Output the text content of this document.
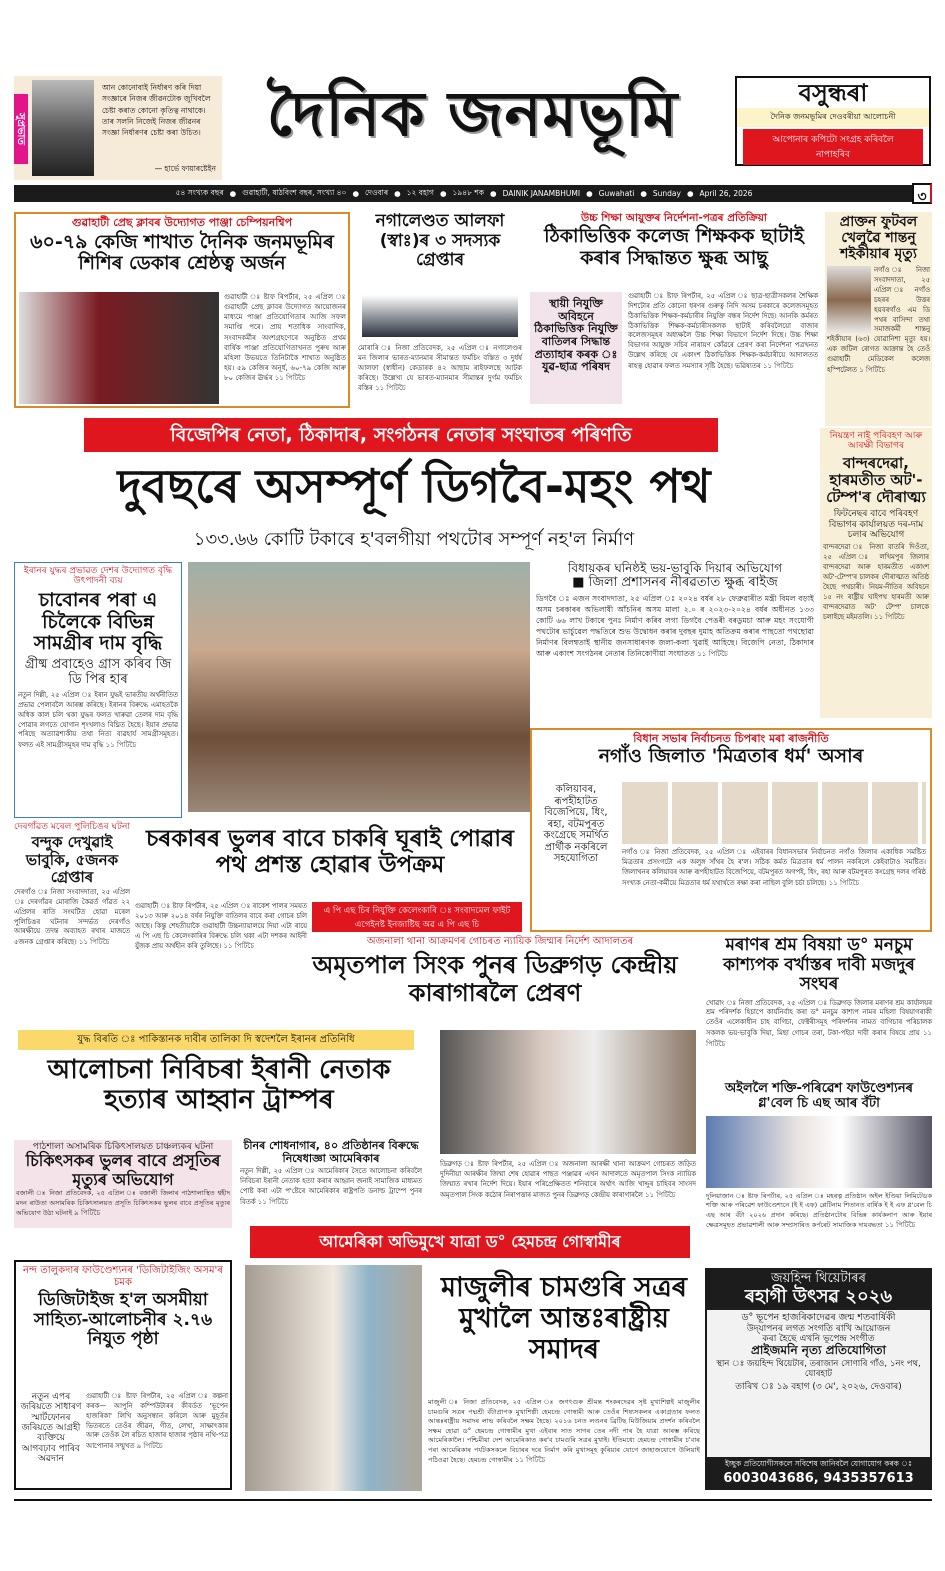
সুপ্ৰভাত
আন কোনোবাই নিৰ্ধাৰণ কৰি দিয়া সংজ্ঞাৰে নিজৰ জীৱনটোক জুখিবলৈ চেষ্টা কৰাত কোনো কৃতিত্ব নাথাকে। তাৰ সলনি নিজেই নিজৰ জীৱনৰ সংজ্ঞা নিৰ্ধাৰণৰ চেষ্টা কৰা উচিত।
— হাৰ্ভে ফায়াৰষ্টেইন
দৈনিক জনমভূমি	বসুন্ধৰা
দৈনিক জনমভূমিৰ দেওবৰীয়া আলোচনী
আপোনাৰ কপিটো সংগ্ৰহ কৰিবলৈ নাপাহৰিব
৫৪ সংখ্যক বছৰ ● গুৱাহাটী, ষাঠবিংশ বছৰ, সংখ্যা ৪০ ● দেওবাৰ ● ১২ বহাগ ● ১৯৪৮ শক ● DAINIK JANAMBHUMI ● Guwahati ● Sunday ● April 26, 2026	৩
গুৱাহাটী প্ৰেছ ক্লাবৰ উদ্যোগত পাঞ্জা চেম্পিয়নশ্বিপ
৬০-৭৯ কেজি শাখাত দৈনিক জনমভূমিৰ শিশিৰ ডেকাৰ শ্ৰেষ্ঠত্ব অৰ্জন
গুৱাহাটী ঃ ষ্টাফ ৰিপৰ্টাৰ, ২৫ এপ্ৰিল ঃ গুৱাহাটী প্ৰেছ ক্লাবৰ উদ্যোগত আয়োজনৰ মাধ্যমে পাঞ্জা প্ৰতিযোগিতাৰ আজি সফল সমাপ্তি পৰে। প্ৰায় শতাধিক সাংবাদিক, সংবাদকৰ্মীৰ অংশগ্ৰহণেৰে অনুষ্ঠিত প্ৰথম বাৰ্ষিক পাঞ্জা প্ৰতিযোগিতাখনত পুৰুষ আৰু মহিলা উভয়তে তিনিটাকৈ শাখাত অনুষ্ঠিত হয়। ৫৯ কেজিৰ অনূৰ্ধ, ৬০-৭৯ কেজি আৰু ৮০ কেজিৰ ঊৰ্দ্ধৰ ১১ পিটিচৈ
নগালেণ্ডত আলফা (স্বাঃ)ৰ ৩ সদস্যক গ্ৰেপ্তাৰ
মোৰাৰি ঃ নিজা প্ৰতিবেদক, ২৫ এপ্ৰিল ঃ নগালেণ্ডৰ মন জিলাৰ ভাৰত-ম্যানমাৰ সীমান্তত ফৰ্মচিং বস্তিত ৩ দুৰ্ধৰ্ষ আলফা (স্বাধীন) কেডাৰক ৪২ আছাম ৰাইফলছে আটক কৰিছে। উল্লেখ্য যে ভাৰত-ম্যানমাৰ সীমান্তৰ দুৰ্গম ফৰ্মচিং বস্তিৰ ১১ পিটিচৈ
উচ্চ শিক্ষা আয়ুক্তৰ নিৰ্দেশনা-পত্ৰৰ প্ৰতিক্ৰিয়া
ঠিকাভিত্তিক কলেজ শিক্ষকক ছাটাই কৰাৰ সিদ্ধান্তত ক্ষুব্ধ আছু
স্থায়ী নিযুক্তি অবিহনে ঠিকাভিত্তিক নিযুক্তি বাতিলৰ সিদ্ধান্ত প্ৰত্যাহাৰ কৰক ঃ যুৱ-ছাত্ৰ পৰিষদ
গুৱাহাটী ঃ ষ্টাফ ৰিপৰ্টাৰ, ২৫ এপ্ৰিল ঃ ছাত্ৰ-ছাত্ৰীসকলৰ শৈক্ষিক দিশটোৰ প্ৰতি কোনো ধৰণৰ গুৰুত্ব নিদি অসম চৰকাৰে কলেজসমূহত ঠিকাভিত্তিক শিক্ষক-কৰ্মচাৰীৰ নিযুক্তি বন্ধৰ নিৰ্দেশ দিছে। আনকি কৰ্মৰত ঠিকাভিত্তিক শিক্ষক-কৰ্মচাৰীসকলক ছাটাই কৰিবলৈয়ো বাজাৰ কলেজসমূহৰ অধ্যক্ষলৈ উচ্চ শিক্ষা বিভাগে নিৰ্দেশ দিছে। উচ্চ শিক্ষা বিভাগৰ আয়ুক্ত সচিব নাৰায়ণ কোঁৱৰে প্ৰেৰণ কৰা নিৰ্দেশনা পত্ৰখনত উল্লেখ কৰিছে যে একাংশ ঠিকাভিত্তিক শিক্ষক-কৰ্মচাৰীয়ে আদালতত ৰাহত্ব হোৱাৰ ফলত সমস্যাৰ সৃষ্টি হৈছে। ভৱিষ্যতৰ ১১ পিটিচৈ
প্ৰাক্তন ফুটবল খেলুৱৈ শান্তনু শইকীয়াৰ মৃত্যু
নগাঁও ঃ নিজা সংবাদদাতা, ২৫ এপ্ৰিল ঃ নগাঁও চহৰৰ উত্তৰ হয়বৰগাঁও এম ডি পথৰ বাসিন্দা তথা সমাজকৰ্মী শান্তনু শইকীয়াৰ (৬৩) যোৱানিশা মৃত্যু হয়। এক জটিল ৰোগত আক্ৰান্ত হৈ তেওঁ গুৱাহাটী মেডিকেল কলেজ হস্পিটেলত ১ পিটিচৈ
বিজেপিৰ নেতা, ঠিকাদাৰ, সংগঠনৰ নেতাৰ সংঘাতৰ পৰিণতি
দুবছৰে অসম্পূৰ্ণ ডিগবৈ-মহং পথ
১৩৩.৬৬ কোটি টকাৰে হ'বলগীয়া পথটোৰ সম্পূৰ্ণ নহ'ল নিৰ্মাণ
ইৰানৰ যুদ্ধৰ প্ৰভাৱত দেশৰ উদ্যোগত বৃদ্ধি উৎপাদনী ব্যয়
চাবোনৰ পৰা এ চিলৈকে বিভিন্ন সামগ্ৰীৰ দাম বৃদ্ধি
গ্ৰীষ্ম প্ৰবাহেও গ্ৰাস কৰিব জি ডি পিৰ হাৰ
নতুন দিল্লী, ২৫ এপ্ৰিল ঃ ইৰান যুদ্ধই ভাৰতীয় অৰ্থনীতিত প্ৰভাৱ পেলাবলৈ আৰম্ভ কৰিছে। ইৰানৰ বিৰুদ্ধে এমাহতকৈ অধিক কাল চলি থকা যুদ্ধৰ ফলত খাৰুৱা তেলৰ দাম বৃদ্ধি পোৱাৰ লগতে যোগান শৃংখলাও বিঘ্নিত হৈছে। ইয়াৰ প্ৰভাৱ পৰিছে অত্যাৱশ্যকীয় তথা নিত্য ব্যৱহাৰ্য সামগ্ৰীসমূহত। ফলত এই সামগ্ৰীসমূহৰ দাম বৃদ্ধি ১১ পিটিচৈ
বিধায়কৰ ঘনিষ্ঠই ভয়-ভাবুকি দিয়াৰ অভিযোগ
■ জিলা প্ৰশাসনৰ নীৰৱতাত ক্ষুব্ধ ৰাইজ
ডিগবৈ ঃ এজন সংবাদদাতা, ২৫ এপ্ৰিল ঃ ২০২৪ বৰ্ষৰ ২৮ ফেব্ৰুৱাৰীত মন্ত্ৰী বিমল বড়াই অসম চৰকাৰৰ অভিলাষী আঁচনিৰ অসম মালা ২.০ ৰ ২০২৩-২০২৪ বৰ্ষৰ অধীনত ১৩৩ কোটি ৬৬ লাখ টকাৰে পুনঃ নিৰ্মাণ কৰিব লগা ডিগবৈ পেঙৰী বৰডুমচা আৰু মহং সংযোগী পথটোৰ ভাৰ্চুৱেল পদ্ধতিৰে শুভ উদ্বোধন কৰাৰ দুবছৰ দুমাহ অতিক্ৰম কৰাৰ পাছতো পথছোৱা নিৰ্মাণৰ বিলম্বতাই স্থানীয় জনসাধাৰণক জলা-কলা খুৱাই আহিছে। বিজেপি নেতা, ঠিকাদাৰ আৰু একাংশ সংগঠনৰ নেতাৰ তিনিকোণীয়া সংঘাতত ১১ পিটিচৈ
নিয়ন্ত্ৰণ নাই পৰিবহণ আৰু আৰক্ষী বিভাগৰ
বান্দৰদেৱা, হাৰমতীত অট'-টেম্প'ৰ দৌৰাত্ম্য
ফিটনেছৰ বাবে পৰিবহণ বিভাগৰ কাৰ্যালয়ত দৰ-দাম চলাৰ অভিযোগ
বান্দৰদেৱা ঃ নিজা বাতৰি দিওঁতা, ২৫ এপ্ৰিল ঃ লখিমপুৰ জিলাৰ বান্দৰদেৱা আৰু হাৰমতীত একাংশ অট'-টেম্প'ৰ চালকৰ দৌৰাত্ম্যত অতিষ্ঠ হৈছে পথচাৰী। নিয়ম-নীতিৰ অবিহনে ১৫ নং ৰাষ্ট্ৰীয় ঘাইপথ হাৰমতী আৰু বান্দৰদেৱাত অট' টেম্প' চালকে চলাইছে মইমতলি। ১১ পিটিচৈ
বিধান সভাৰ নিৰ্বাচনত চিপৰাং মৰা ৰাজনীতি
নগাঁও জিলাত 'মিত্ৰতাৰ ধৰ্ম' অসাৰ
কলিয়াবৰ, ৰূপহীহাটত বিজেপিয়ে, ধিং, ৰহা, বটমপুৰত কংগ্ৰেছে সমৰ্থিত প্ৰাৰ্থীক নকৰিলে সহযোগিতা
নগাঁও ঃ নিজা প্ৰতিবেদক, ২৫ এপ্ৰিল ঃ এইবাৰৰ বিধানসভাৰ নিৰ্বাচনত নগাঁও জিলাৰ একাধিক সমষ্টিত মিত্ৰতাৰ প্ৰসংগটো এক অলুঙ্গ সাঁথৰ হৈ ৰ'ল। সঠিক কৰ্মত মিত্ৰতাৰ ধৰ্ম পালন নকৰিলে কেইবাটাও সমষ্টিত। জিলাখনৰ কলিয়াবৰ আৰু ৰূপহীহাটত বিজেপিয়ে, বটমপুৰত অগপই, ধিং, ৰহা আৰু বটমপুৰত কংগ্ৰেছ দলৰ গৰিষ্ঠ সংখ্যক নেতা-কৰ্মীয়ে মিত্ৰতাৰ ধৰ্ম যথাৰ্থতে ৰক্ষা কৰা নাছিল বুলি চৰ্চা চলিছে। ১১ পিটিচৈ
দেৰগাঁৱত মৰেল পুলিচিঙৰ ঘটনা
বন্দুক দেখুৱাই ভাবুকি, ৫জনক গ্ৰেপ্তাৰ
দেৰগাঁও ঃ নিজা সংবাদদাতা, ২৫ এপ্ৰিল ঃ দেৰগাঁৱৰ মোৰাজি কৈৱৰ্ত গাঁৱত ২২ এপ্ৰিলৰ ৰাতি সংঘটিত হোৱা মৰেল পুলিচিঙৰ ঘটনাৰ সন্দৰ্ভত দেৰগাঁও আৰক্ষীয়ে তদন্ত অব্যাহত ৰখাৰ মাজতে ৫জনক গ্ৰেপ্তাৰ কৰিছে। ১১ পিটিচৈ
চৰকাৰৰ ভুলৰ বাবে চাকৰি ঘূৰাই পোৱাৰ পথ প্ৰশস্ত হোৱাৰ উপক্ৰম
গুৱাহাটী ঃ ষ্টাফ ৰিপৰ্টাৰ, ২৫ এপ্ৰিল ঃ ৰাকেশ পালৰ সময়ত ২০১৩ আৰু ২০১৪ বৰ্ষৰ নিযুক্তি বাতিলৰ বাবে কৰা গোচৰ চলি আছে। কিন্তু শেহতীয়াকৈ গুৱাহাটী উচ্চন্যায়ালয়ে দিয়া এটা ৰায়ে এ পি এছ চি কেলেংকাৰিৰ বিৰুদ্ধে চলি থকা এটা দশকৰ আইনী যুঁজক প্ৰায় অৰ্থহীন কৰি তুলিছে। ১১ পিটিচৈ
এ পি এছ চিৰ নিযুক্তি কেলেংকাৰি ঃ সংবাদমেল ফাইট এগেইনষ্ট ইনজাষ্টিছ অৱ এ পি এছ চি
অজনালা থানা আক্ৰমণৰ গোচৰত ন্যায়িক জিম্মাৰ নিৰ্দেশ আদালতৰ
অমৃতপাল সিংক পুনৰ ডিব্ৰুগড় কেন্দ্ৰীয় কাৰাগাৰলৈ প্ৰেৰণ
মৰাণৰ শ্ৰম বিষয়া ড° মনচুম কাশ্যপক বৰ্খাস্তৰ দাবী মজদুৰ সংঘৰ
খোৱাং ঃ নিজা প্ৰতিবেদক, ২৫ এপ্ৰিল ঃ ডিব্ৰুগড় জিলাৰ মৰাণৰ শ্ৰম কাৰ্যালয়ৰ শ্ৰম পৰিদৰ্শক হিচাপে কাৰ্যনিৰ্বাহ কৰা ড° মনচুম কাশ্যপ নামৰ মহিলা বিষয়াগৰাকী তেওঁৰ এলেকাধীন চাহ বাগিচা, ফেক্টৰীসমূহ পৰিদৰ্শনৰ নামত বাগিচাৰ পৰিচালক সকলক ভয়-ভাবুকি দিয়া, মিছা গোচৰ তৰা, টকা-পইচা দাবী কৰাৰ বিষয়ে প্ৰায় ১১ পিটিচৈ
যুদ্ধ বিৰতি ঃ পাকিস্তানক দাবীৰ তালিকা দি স্বদেশলৈ ইৰানৰ প্ৰতিনিধি
আলোচনা নিবিচৰা ইৰানী নেতাক হত্যাৰ আহ্বান ট্ৰাম্পৰ
ডিব্ৰুগড় ঃ ষ্টাফ ৰিপৰ্টাৰ, ২৫ এপ্ৰিল ঃ অজনালা আৰক্ষী থানা আক্ৰমণ গোচৰত জড়িত দুদিনীয়া আৰক্ষীৰ জিম্মা শেষ হোৱাৰ পাছত পঞ্জাৱৰ এখন আদালতে অমৃতপাল সিংক ন্যায়িক জিম্মাত ৰখাৰ নিৰ্দেশ দিয়ে। ইয়াৰ পৰিপ্ৰেক্ষিতত শনিবাৰে অৰ্থাৎ আজি খাদ্দুৰ চাহিবৰ সাংসদ অমৃতপাল সিংক কঠোৰ নিৰাপত্তাৰ মাজত পুনৰ ডিব্ৰুগড় কেন্দ্ৰীয় কাৰাগাৰলৈ ১১ পিটিচৈ
পাঠশালা অসামৰিক চিকিৎসালয়ত চাঞ্চল্যকৰ ঘটনা
চিকিৎসকৰ ভুলৰ বাবে প্ৰসূতিৰ মৃত্যুৰ অভিযোগ
বজালী ঃ নিজা প্ৰতিবেদক, ২৫ এপ্ৰিল ঃ বজালী জিলাৰ পাঠশালাস্থিত শ্বহীদ মদন ৰাউতা অসামৰিক চিকিৎসালয়ত প্ৰসূতি চিকিৎসকৰ ভুলৰ বাবে প্ৰসূতিৰ মৃত্যুৰ অভিযোগ উঠা ঘটনাই ৯ পিটিচৈ
চীনৰ শোধনাগাৰ, ৪০ প্ৰতিষ্ঠানৰ বিৰুদ্ধে নিষেধাজ্ঞা আমেৰিকাৰ
নতুন দিল্লী, ২৫ এপ্ৰিল ঃ আমেৰিকাৰ সৈতে আলোচনা কৰিবলৈ নিবিচৰা ইৰানী নেতাক হত্যা কৰাৰ আহ্বান জনাই সামাজিক মাধ্যমত পোষ্ট কৰা এটা প'ষ্টেৰে আমেৰিকাৰ ৰাষ্ট্ৰপতি ডনাল্ড ট্ৰাম্পে পুনৰ বিতৰ্ক ১১ পিটিচৈ
অইললৈ শক্তি-পৰিৱেশ ফাউণ্ডেশ্যনৰ গ্ল'বেল চি এছ আৰ বঁটা
দুলিয়াজান ঃ ষ্টাফ ৰিপৰ্টাৰ, ২৫ এপ্ৰিল ঃ মহৰত্ন প্ৰতিষ্ঠান অইল ইণ্ডিয়া লিমিটেডক শক্তি আৰু পৰিৱেশ ফাউণ্ডেশ্যনে (ই ই এফ) প্লেটিনাম শিতানত বাৰ্ষিক ই ই এফ গ্ল'বেল চি এছ আৰ বঁটা ২০২৬ প্ৰদান কৰিছে। প্ৰতিষ্ঠানটোৰ বিভিন্ন কাৰ্যকলাপ আৰু ইয়াৰ ক্ষেত্ৰসমূহত প্ৰভাৱশালী আৰু সম্প্ৰসাৰিত কৰ্পৰেট সামাজিক দায়বদ্ধতা ১১ পিটিচৈ
আমেৰিকা অভিমুখে যাত্ৰা ড° হেমচন্দ্ৰ গোস্বামীৰ
নন্দ তালুকদাৰ ফাউণ্ডেশ্যনৰ 'ডিজিটাইজিং অসম'ৰ চমক
ডিজিটাইজ হ'ল অসমীয়া সাহিত্য-আলোচনীৰ ২.৭৬ নিযুত পৃষ্ঠা
নতুন এপৰ জৰিয়তে সাধাৰণ স্মাৰ্টফোনৰ জৰিয়তে আগ্ৰহী ব্যক্তিয়ে আগবঢ়াব পাৰিব অৱদান
গুৱাহাটী ঃ ষ্টাফ ৰিপৰ্টাৰ, ২৫ এপ্ৰিল ঃ কল্পনা কৰক— আপুনি কম্পিউটাৰৰ কীবৰ্ডত 'ভূপেন হাজৰিকা' লিখি অনুসন্ধান কৰিলে আৰু মুহূৰ্তৰ ভিতৰতে তেওঁৰ জীৱন, গীত, লেখা, সাক্ষাৎকাৰ আৰু তেওঁক লৈ ৰচিত হাজাৰ হাজাৰ পৃষ্ঠাৰ নথি-পত্ৰ আপোনাৰ সন্মুখত ৯ পিটিচৈ
মাজুলীৰ চামগুৰি সত্ৰৰ মুখালৈ আন্তঃৰাষ্ট্ৰীয় সমাদৰ
মাজুলী ঃ নিজা প্ৰতিবেদক, ২৫ এপ্ৰিল ঃ জগৎগুৰু শ্ৰীমন্ত শংকৰদেৱৰ সৃষ্ট মুখাশিল্পই মাজুলীৰ চামগুৰি সত্ৰৰ পদ্মশ্ৰী বঁটাপ্ৰাপক মুখাশিল্পী হেমচন্দ্ৰ গোস্বামী আৰু তেওঁৰ শিষ্যসকলৰ একাগ্ৰতাৰ ফলত আন্তঃৰাষ্ট্ৰীয় সমাদৰ লাভ কৰিবলৈ সক্ষম হৈছে। ২০১৬ চনত লণ্ডনৰ ব্ৰিটিছ মিউজিয়াম প্ৰদৰ্শন কৰিবলৈ সক্ষম হোৱা ড° হেমচন্দ্ৰ গোস্বামীৰ মুখা এইবাৰ সাত সাগৰ তেৰ নদী পাৰ হৈ যাত্ৰা আৰম্ভ কৰিছে আমেৰিকালৈ। পশ্চিমীয়া দেশ আমেৰিকাত কৰ'ব চামগুৰি সত্ৰৰ মুখাই। ইতিমধ্যে হেমচন্দ্ৰ গোস্বামীৰ চ'বাৰ পৰা আমেৰিকাৰ পৰ্যটকসকলে বিচাৰৰ দৰে নিৰ্মাণ কৰি মুখাসমূহ কুৰিয়াৰ যোগে জাহাজযোগে উলিয়াই পঠিওৱা হৈছে। হেমচন্দ্ৰ গোস্বামীৰ ১১ পিটিচৈ
জয়হিন্দ থিয়েটাৰৰ
ৰহাগী উৎসৱ ২০২৬
ড° ভূপেন হাজৰিকাদেৱৰ জন্ম শতবাৰ্ষিকী
উদ্‌যাপনৰ লগত সংগতি ৰাখি আয়োজন
কৰা হৈছে এখনি ভূপেন্দ্ৰ সংগীত
প্ৰাইজমনি নৃত্য প্ৰতিযোগিতা
স্থান ঃ জয়হিন্দ থিয়েটাৰ, তৰাজান সোণাৰি গাঁও, ১নং পথ, যোৰহাট
তাৰিখ ঃ ১৯ বহাগ (৩ মে', ২০২৬, দেওবাৰ)
ইচ্ছুক প্ৰতিযোগীসকলে সবিশেষ জানিবলৈ যোগাযোগ কৰক ঃ
6003043686, 9435357613
